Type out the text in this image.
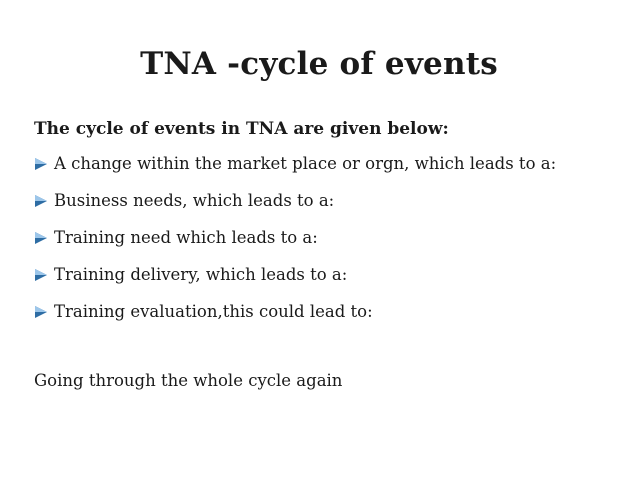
TNA -cycle of events
The cycle of events in TNA are given below:
A change within the market place or orgn, which leads to a:
Business needs, which leads to a:
Training need which leads to a:
Training delivery, which leads to a:
Training evaluation,this could lead to:
Going through the whole cycle again
